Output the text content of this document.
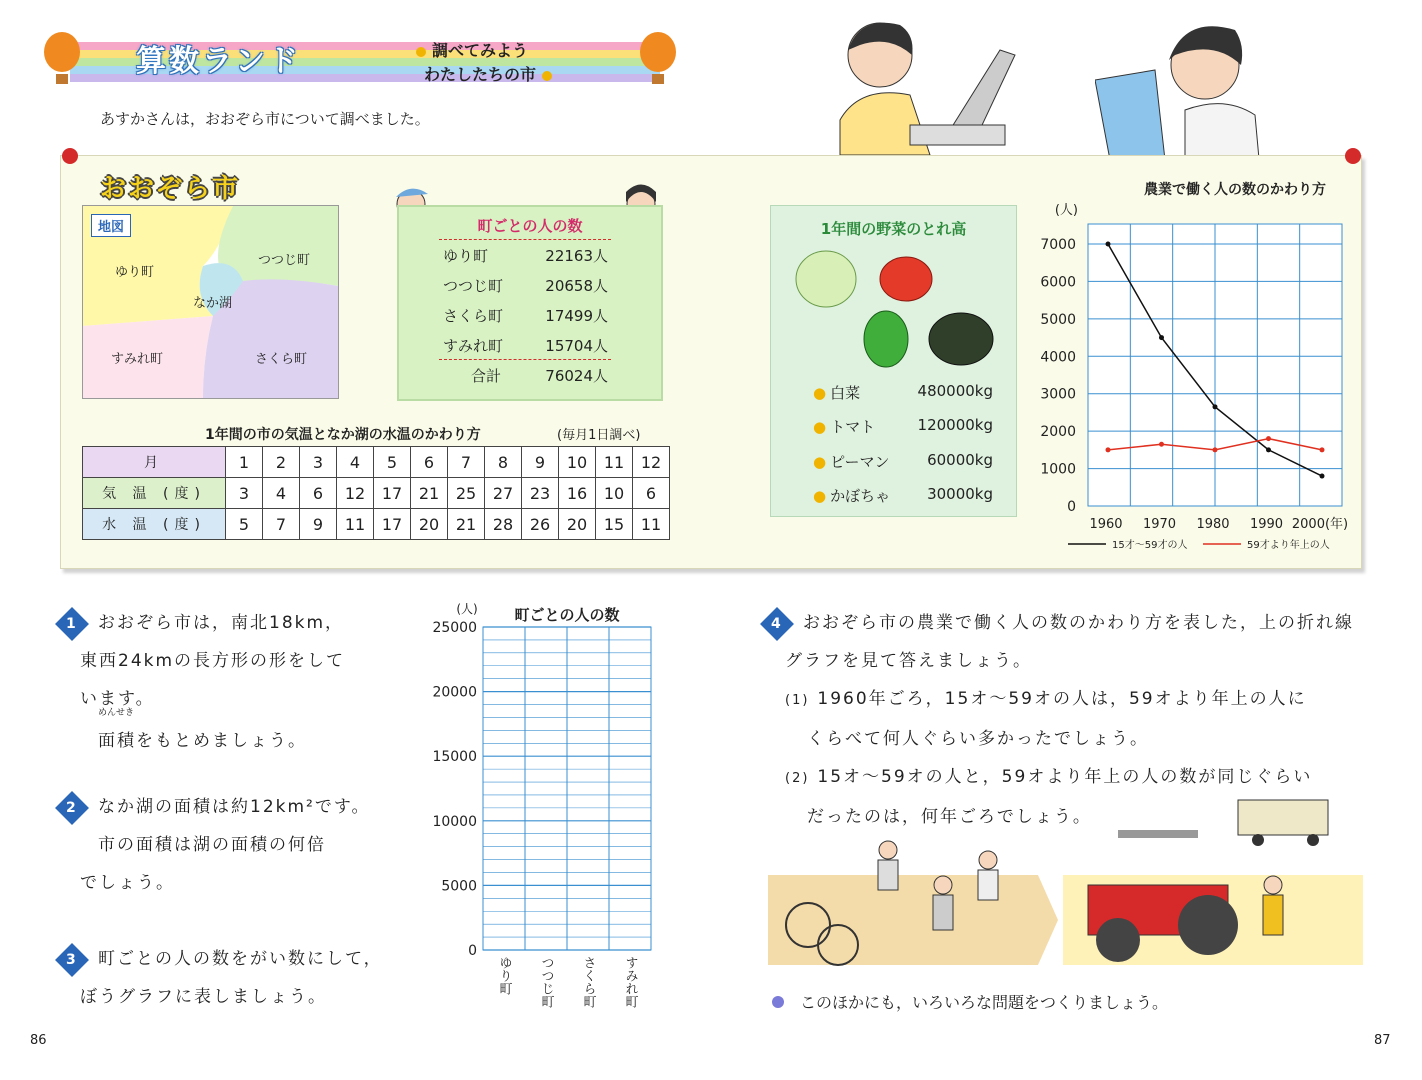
算数ランド	調べてみよう
わたしたちの市
あすかさんは，おおぞら市について調べました。
おおぞら市
地図
ゆり町
つつじ町
なか湖
すみれ町	さくら町
町ごとの人の数
ゆり町	22163人
つつじ町	20658人
さくら町	17499人
すみれ町	15704人
合計	76024人
1年間の市の気温となか湖の水温のかわり方	(毎月1日調べ)
月	1	2	3	4	5	6	7	8	9	10	11	12
気 温 (度)	3	4	6	12	17	21	25	27	23	16	10	6
水 温 (度)	5	7	9	11	17	20	21	28	26	20	15	11
1年間の野菜のとれ高
● 白菜	480000kg
● トマト	120000kg
● ピーマン	60000kg
● かぼちゃ 30000kg
0
1000
2000
3000
4000
5000
6000
7000
1960 1970 1980 1990 2000(年)
(人)
農業で働く人の数のかわり方
15才～59才の人	59才より年上の人
1 おおぞら市は，南北18km，
東西24kmの長方形の形をして
います。
めんせき
面積をもとめましょう。
2 なか湖の面積は約12km²です。
市の面積は湖の面積の何倍
でしょう。
3 町ごとの人の数をがい数にして，
ぼうグラフに表しましょう。
0
5000
10000
15000
20000
25000
(人) 町ごとの人の数
ゆり町 つつじ町 さくら町 すみれ町
4 おおぞら市の農業で働く人の数のかわり方を表した，上の折れ線
グラフを見て答えましょう。
(1) 1960年ごろ，15オ～59オの人は，59オより年上の人に
くらべて何人ぐらい多かったでしょう。
(2) 15オ～59オの人と，59オより年上の人の数が同じぐらい
だったのは，何年ごろでしょう。
このほかにも，いろいろな問題をつくりましょう。
86	87
